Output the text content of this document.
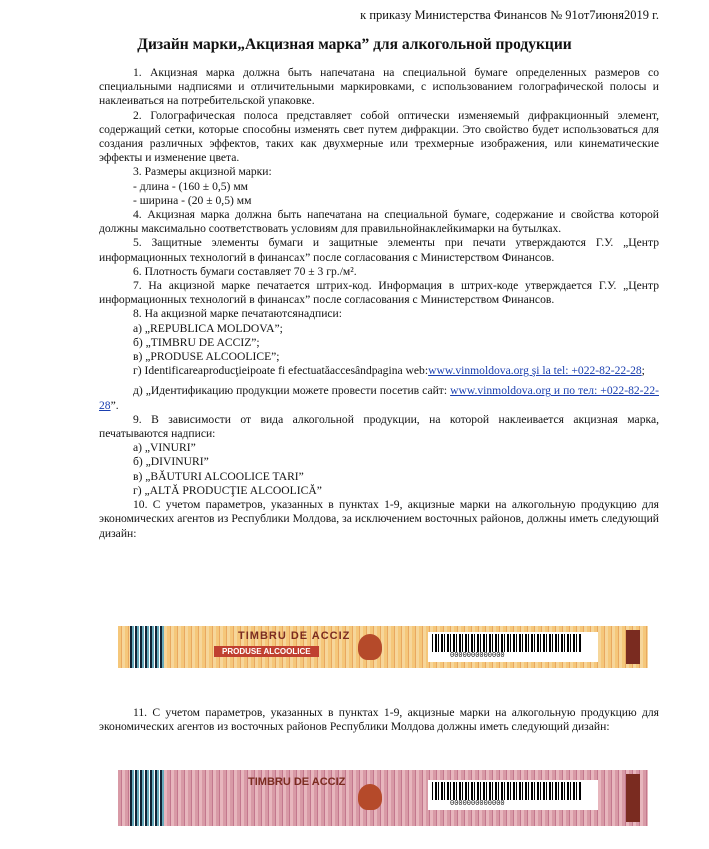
к приказу Министерства Финансов № 91от7июня2019 г.
Дизайн марки„Акцизная марка” для алкогольной продукции

1. Акцизная марка должна быть напечатана на специальной бумаге определенных размеров со специальными надписями и отличительными маркировками, с использованием голографической полосы и наклеиваться на потребительской упаковке.

2. Голографическая полоса представляет собой оптически изменяемый дифракционный элемент, содержащий сетки, которые способны изменять свет путем дифракции. Это свойство будет использоваться для создания различных эффектов, таких как двухмерные или трехмерные изображения, или кинематические эффекты и изменение цвета.

3. Размеры акцизной марки:

- длина - (160 ± 0,5) мм

- ширина - (20 ± 0,5) мм

4. Акцизная марка должна быть напечатана на специальной бумаге, содержание и свойства которой должны максимально соответствовать условиям для правильнойнаклейкимарки на бутылках.

5. Защитные элементы бумаги и защитные элементы при печати утверждаются Г.У. „Центр информационных технологий в финансах” после согласования с Министерством Финансов.

6. Плотность бумаги составляет 70 ± 3 гр./м².

7. На акцизной марке печатается штрих-код. Информация в штрих-коде утверждается Г.У. „Центр информационных технологий в финансах” после согласования с Министерством Финансов.

8. На акцизной марке печатаютсянадписи:

а) „REPUBLICA MOLDOVA”;

б) „TIMBRU DE ACCIZ”;

в) „PRODUSE ALCOOLICE”;

г) Identificareaproducţieipoate fi efectuatăaccesândpagina web:www.vinmoldova.org şi la tel: +022-82-22-28;

д) „Идентификацию продукции можете провести посетив сайт: www.vinmoldova.org и по тел: +022-82-22-28”.

9. В зависимости от вида алкогольной продукции, на которой наклеивается акцизная марка, печатываются надписи:

а) „VINURI”

б) „DIVINURI”

в) „BĂUTURI ALCOOLICE TARI”

г) „ALTĂ PRODUCŢIE ALCOOLICĂ”

10. С учетом параметров, указанных в пунктах 1-9, акцизные марки на алкогольную продукцию для экономических агентов из Республики Молдова, за исключением восточных районов, должны иметь следующий дизайн:

TIMBRU DE ACCIZ
PRODUSE ALCOOLICE	0000000000000

11. С учетом параметров, указанных в пунктах 1-9, акцизные марки на алкогольную продукцию для экономических агентов из восточных районов Республики Молдова должны иметь следующий дизайн:

TIMBRU DE ACCIZ
0000000000000
